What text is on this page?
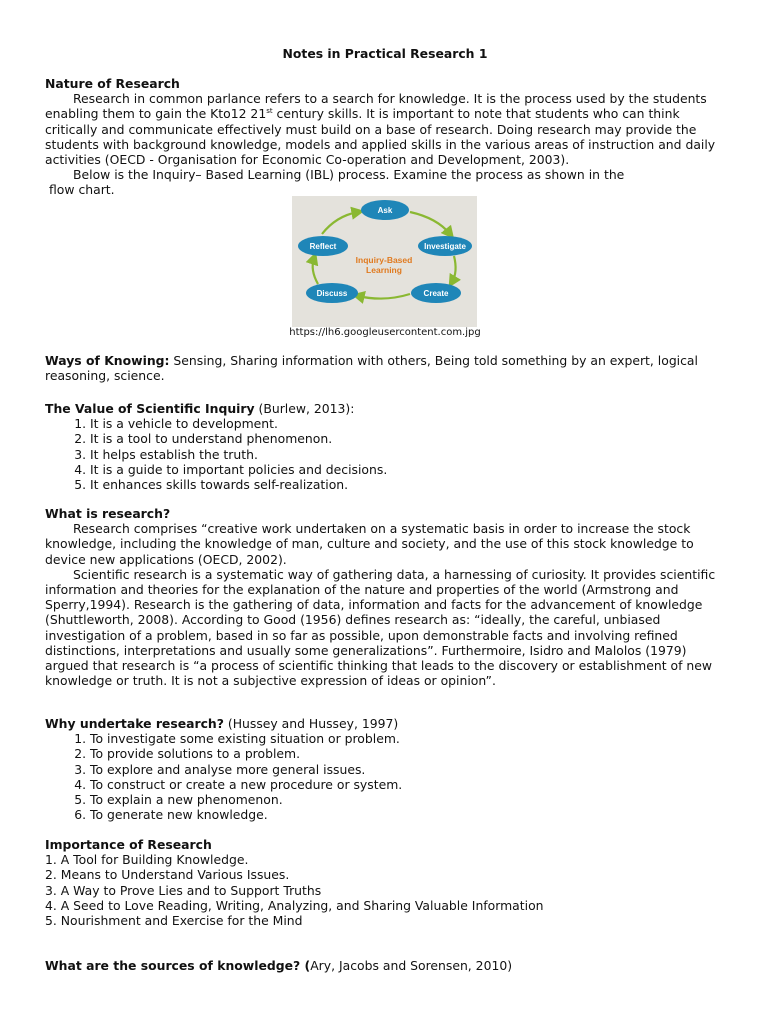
Notes in Practical Research 1
Nature of Research

Research in common parlance refers to a search for knowledge. It is the process used by the students enabling them to gain the Kto12 21st century skills. It is important to note that students who can think critically and communicate effectively must build on a base of research. Doing research may provide the students with background knowledge, models and applied skills in the various areas of instruction and daily activities (OECD - Organisation for Economic Co-operation and Development, 2003).

Below is the Inquiry– Based Learning (IBL) process. Examine the process as shown in the

flow chart.

Ask
Investigate
Create
Discuss
Reflect
Inquiry-Based
Learning
https://lh6.googleusercontent.com.jpg

Ways of Knowing: Sensing, Sharing information with others, Being told something by an expert, logical reasoning, science.

The Value of Scientific Inquiry (Burlew, 2013):

1. It is a vehicle to development.
2. It is a tool to understand phenomenon.
3. It helps establish the truth.
4. It is a guide to important policies and decisions.
5. It enhances skills towards self-realization.
What is research?

Research comprises “creative work undertaken on a systematic basis in order to increase the stock knowledge, including the knowledge of man, culture and society, and the use of this stock knowledge to device new applications (OECD, 2002).

Scientific research is a systematic way of gathering data, a harnessing of curiosity. It provides scientific information and theories for the explanation of the nature and properties of the world (Armstrong and Sperry,1994). Research is the gathering of data, information and facts for the advancement of knowledge (Shuttleworth, 2008). According to Good (1956) defines research as: “ideally, the careful, unbiased investigation of a problem, based in so far as possible, upon demonstrable facts and involving refined distinctions, interpretations and usually some generalizations”. Furthermoire, Isidro and Malolos (1979) argued that research is “a process of scientific thinking that leads to the discovery or establishment of new knowledge or truth. It is not a subjective expression of ideas or opinion”.

Why undertake research? (Hussey and Hussey, 1997)

1. To investigate some existing situation or problem.
2. To provide solutions to a problem.
3. To explore and analyse more general issues.
4. To construct or create a new procedure or system.
5. To explain a new phenomenon.
6. To generate new knowledge.
Importance of Research
1. A Tool for Building Knowledge.
2. Means to Understand Various Issues.
3. A Way to Prove Lies and to Support Truths
4. A Seed to Love Reading, Writing, Analyzing, and Sharing Valuable Information
5. Nourishment and Exercise for the Mind

What are the sources of knowledge? (Ary, Jacobs and Sorensen, 2010)
